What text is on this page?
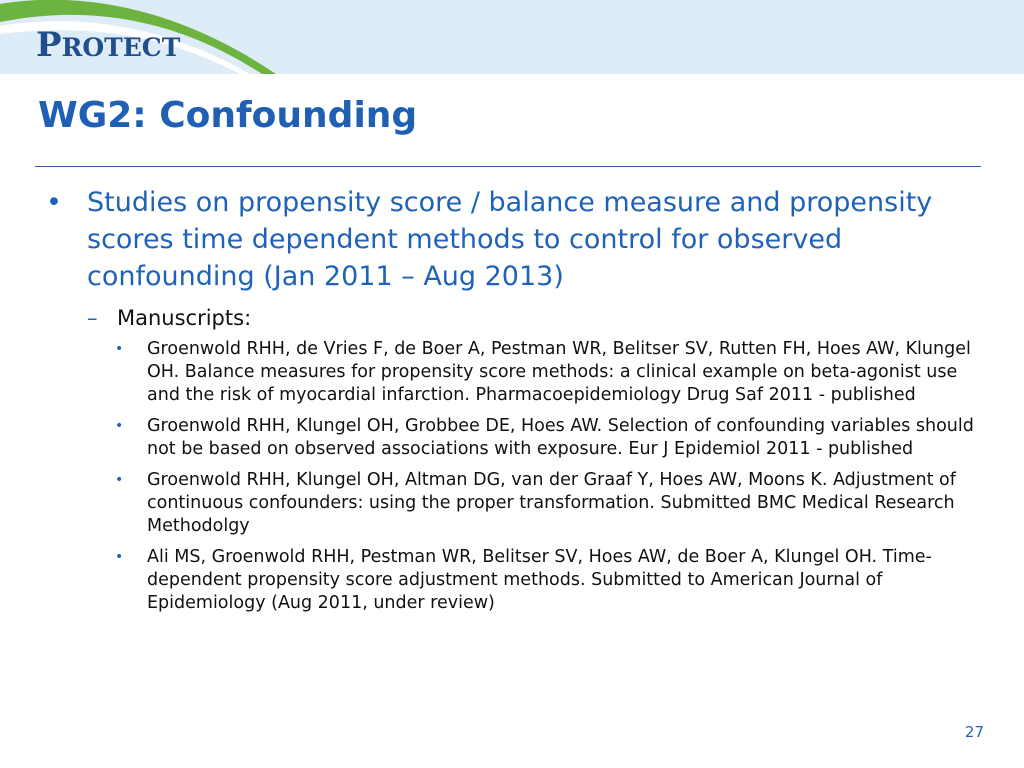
PROTECT
WG2: Confounding
• Studies on propensity score / balance measure and propensity scores time dependent methods to control for observed confounding (Jan 2011 – Aug 2013)
– Manuscripts:
• Groenwold RHH, de Vries F, de Boer A, Pestman WR, Belitser SV, Rutten FH, Hoes AW, Klungel OH. Balance measures for propensity score methods: a clinical example on beta-agonist use and the risk of myocardial infarction. Pharmacoepidemiology Drug Saf 2011 - published
• Groenwold RHH, Klungel OH, Grobbee DE, Hoes AW. Selection of confounding variables should not be based on observed associations with exposure. Eur J Epidemiol 2011 - published
• Groenwold RHH, Klungel OH, Altman DG, van der Graaf Y, Hoes AW, Moons K. Adjustment of continuous confounders: using the proper transformation. Submitted BMC Medical Research Methodolgy
• Ali MS, Groenwold RHH, Pestman WR, Belitser SV, Hoes AW, de Boer A, Klungel OH. Time-dependent propensity score adjustment methods. Submitted to American Journal of Epidemiology (Aug 2011, under review)
27
